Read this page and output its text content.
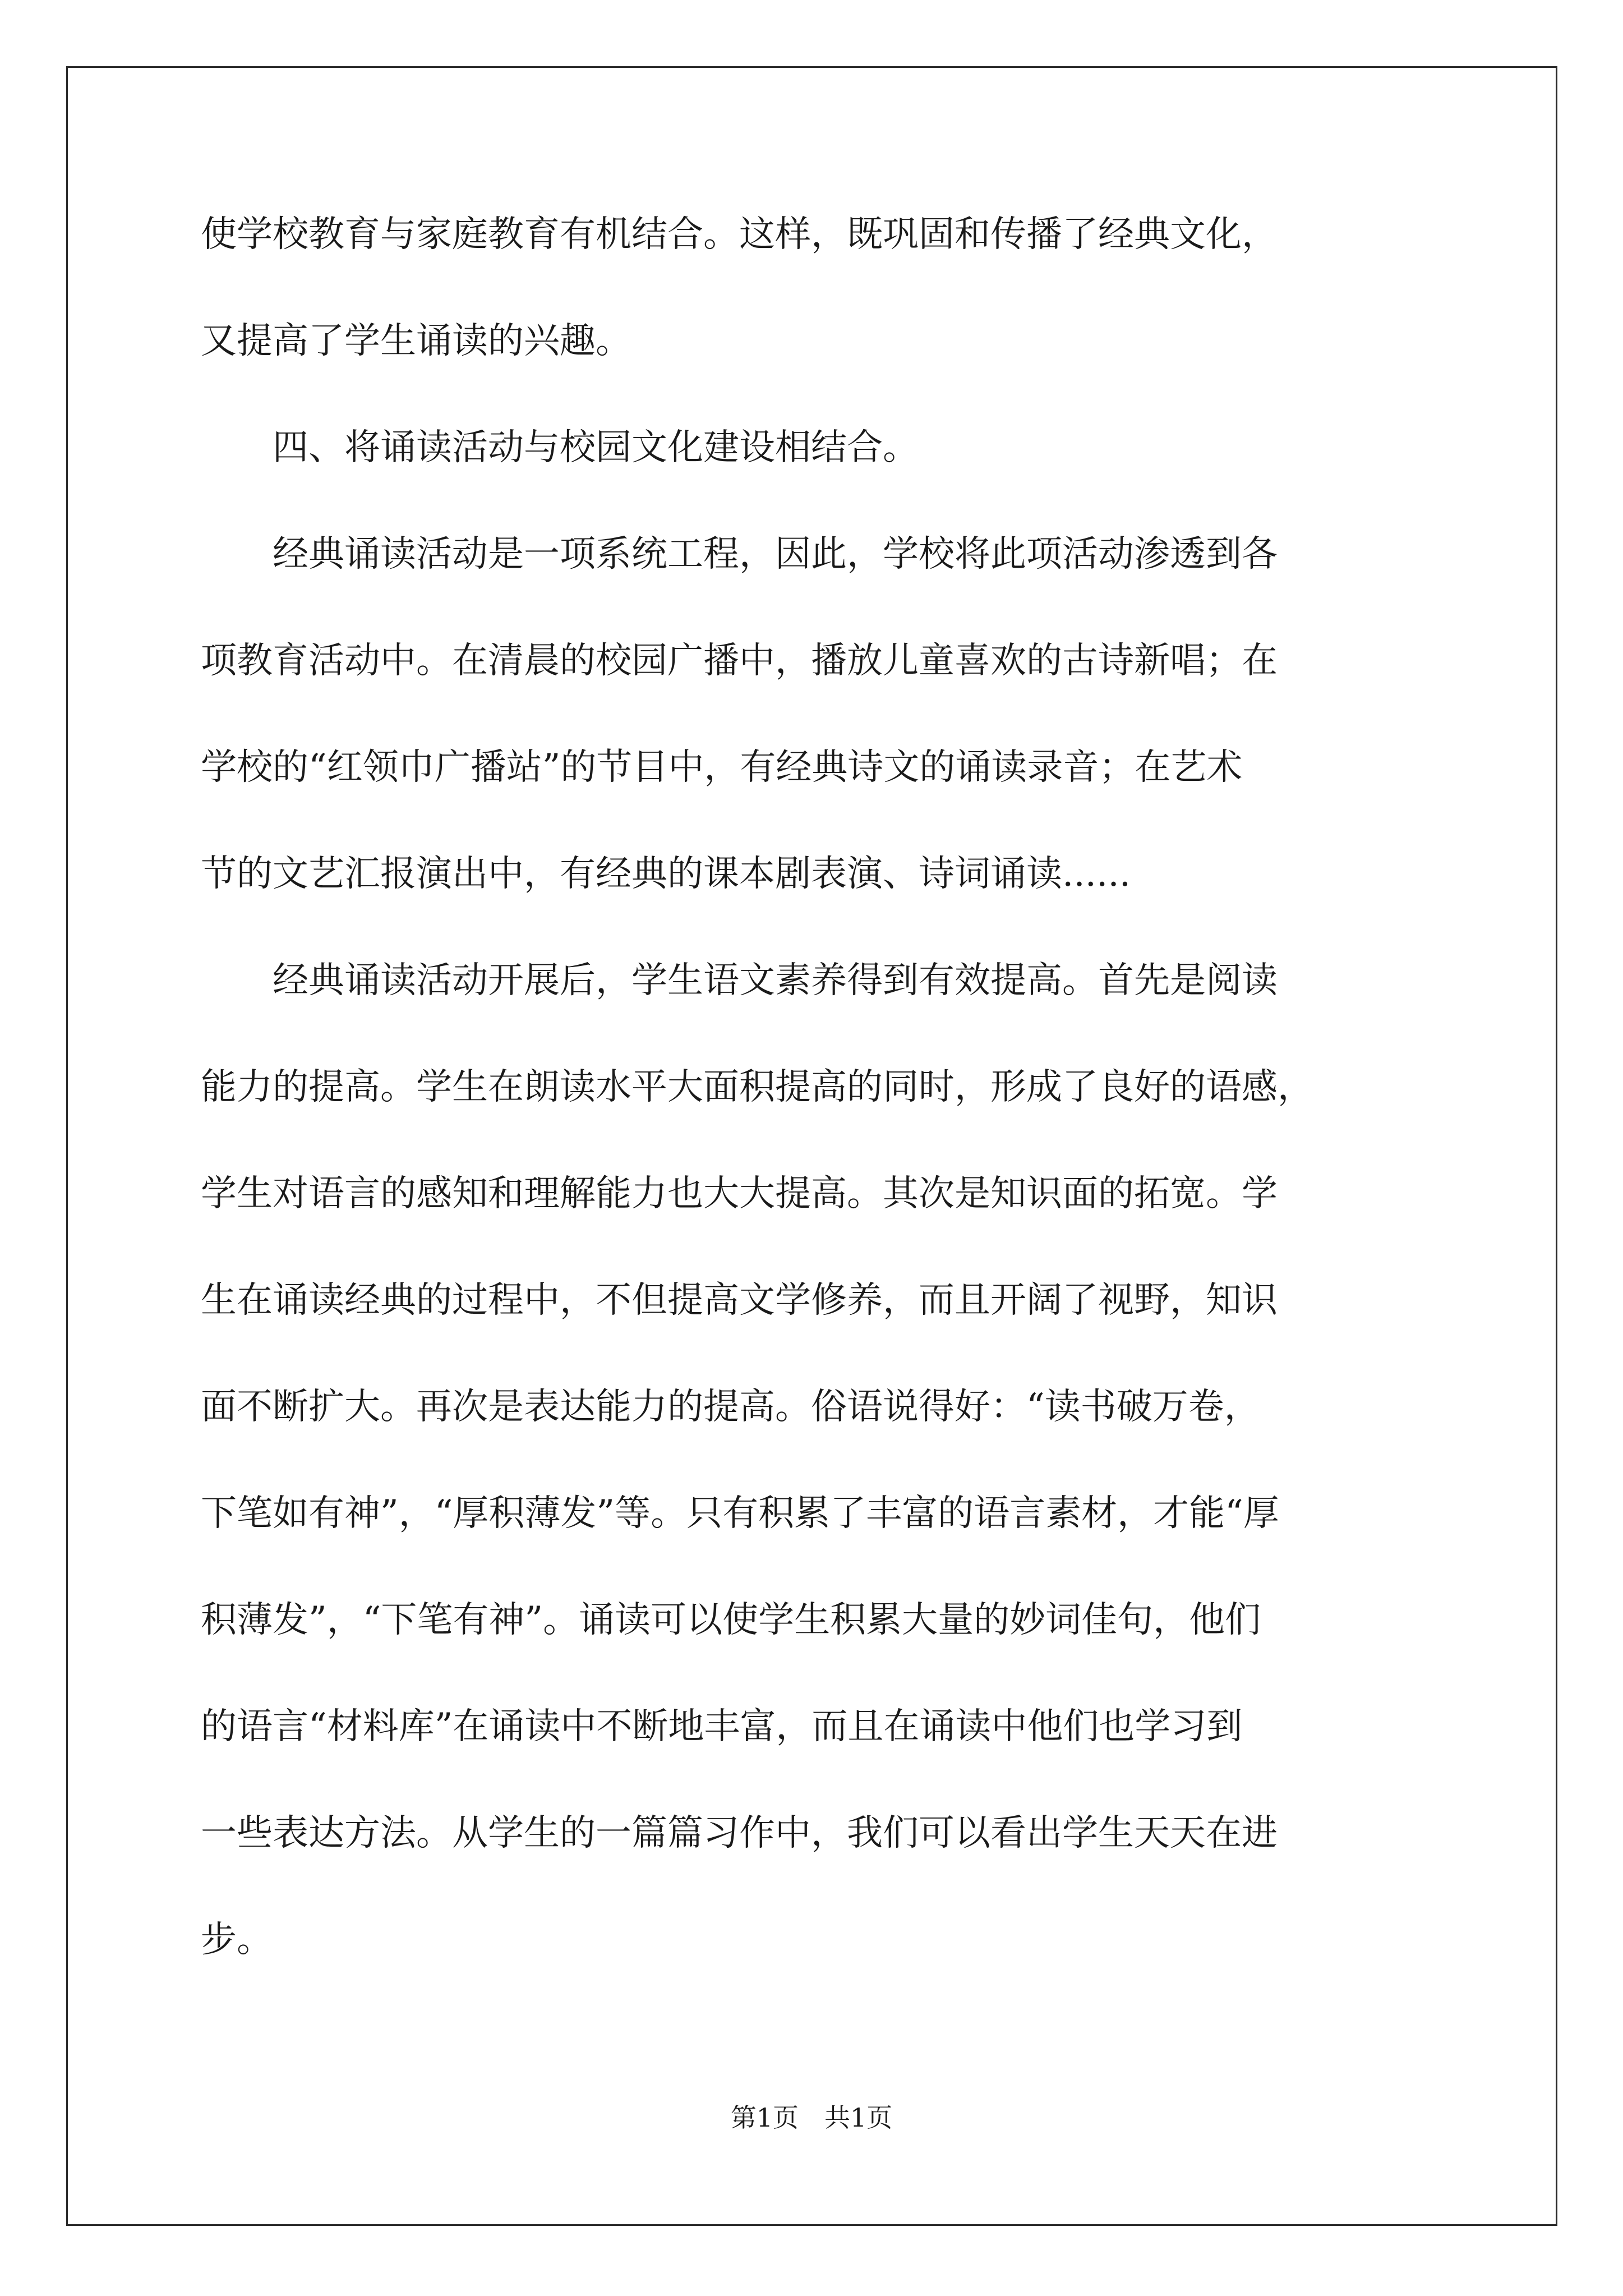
使学校教育与家庭教育有机结合。这样，既巩固和传播了经典文化，
又提高了学生诵读的兴趣。
　　四、将诵读活动与校园文化建设相结合。
　　经典诵读活动是一项系统工程，因此，学校将此项活动渗透到各
项教育活动中。在清晨的校园广播中，播放儿童喜欢的古诗新唱；在
学校的“红领巾广播站”的节目中，有经典诗文的诵读录音；在艺术
节的文艺汇报演出中，有经典的课本剧表演、诗词诵读......
　　经典诵读活动开展后，学生语文素养得到有效提高。首先是阅读
能力的提高。学生在朗读水平大面积提高的同时，形成了良好的语感，
学生对语言的感知和理解能力也大大提高。其次是知识面的拓宽。学
生在诵读经典的过程中，不但提高文学修养，而且开阔了视野，知识
面不断扩大。再次是表达能力的提高。俗语说得好：“读书破万卷，
下笔如有神”，“厚积薄发”等。只有积累了丰富的语言素材，才能“厚
积薄发”，“下笔有神”。诵读可以使学生积累大量的妙词佳句，他们
的语言“材料库”在诵读中不断地丰富，而且在诵读中他们也学习到
一些表达方法。从学生的一篇篇习作中，我们可以看出学生天天在进
步。
第1页　共1页
